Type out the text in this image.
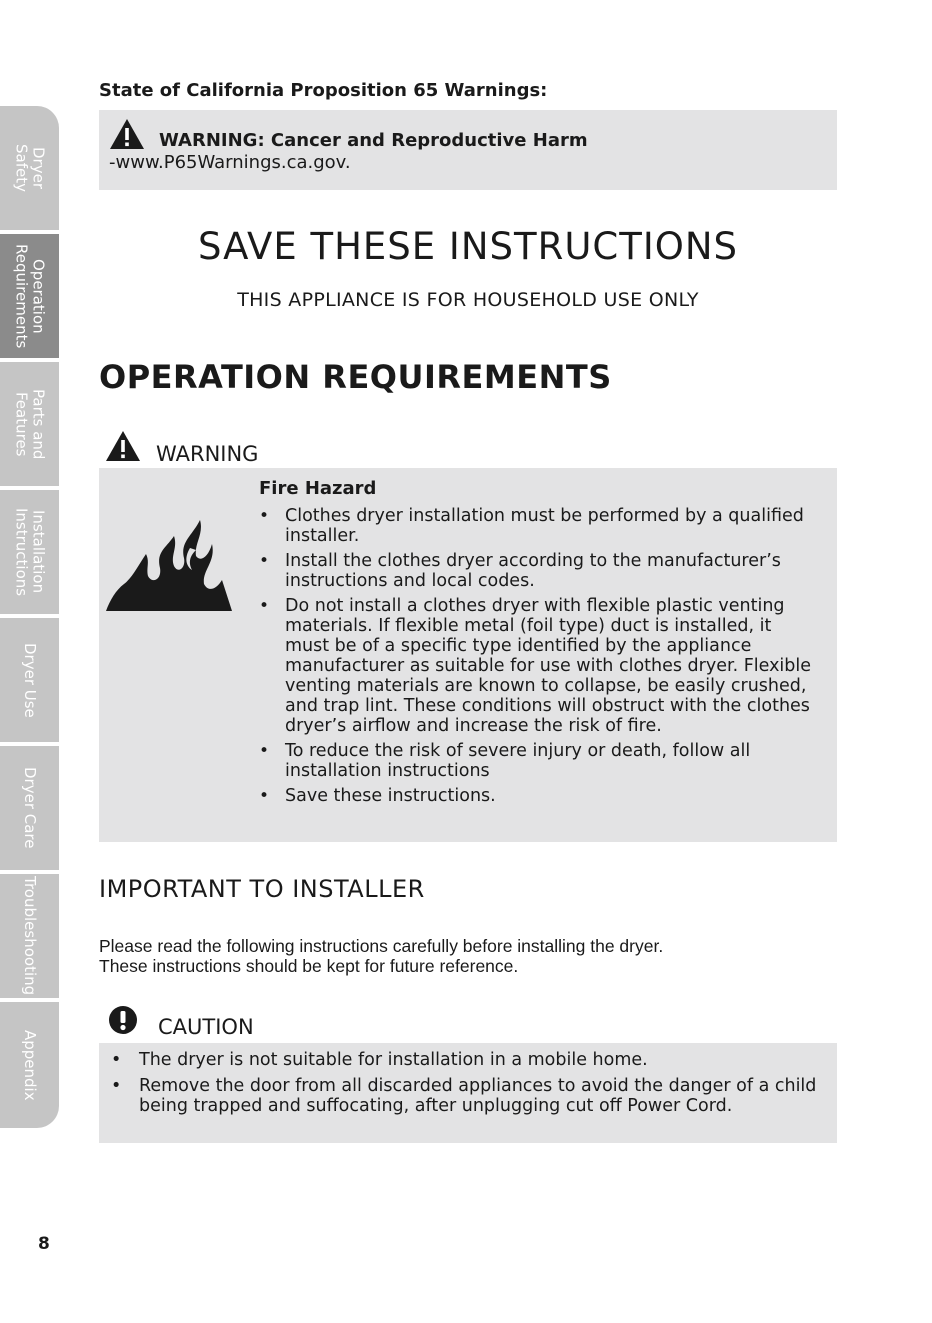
Dryer
Safety
Operation
Requirements
Parts and
Features
Installation
Instructions
Dryer Use
Dryer Care
Troubleshooting
Appendix
State of California Proposition 65 Warnings:
WARNING: Cancer and Reproductive Harm
-www.P65Warnings.ca.gov.
SAVE THESE INSTRUCTIONS
THIS APPLIANCE IS FOR HOUSEHOLD USE ONLY
OPERATION REQUIREMENTS
WARNING
Fire Hazard
• Clothes dryer installation must be performed by a qualified installer.
• Install the clothes dryer according to the manufacturer’s instructions and local codes.
• Do not install a clothes dryer with flexible plastic venting materials. If flexible metal (foil type) duct is installed, it must be of a specific type identified by the appliance manufacturer as suitable for use with clothes dryer. Flexible venting materials are known to collapse, be easily crushed, and trap lint. These conditions will obstruct with the clothes dryer’s airflow and increase the risk of fire.
• To reduce the risk of severe injury or death, follow all installation instructions
• Save these instructions.
IMPORTANT TO INSTALLER
Please read the following instructions carefully before installing the dryer.
These instructions should be kept for future reference.
CAUTION
• The dryer is not suitable for installation in a mobile home.
• Remove the door from all discarded appliances to avoid the danger of a child being trapped and suffocating, after unplugging cut off Power Cord.
8
